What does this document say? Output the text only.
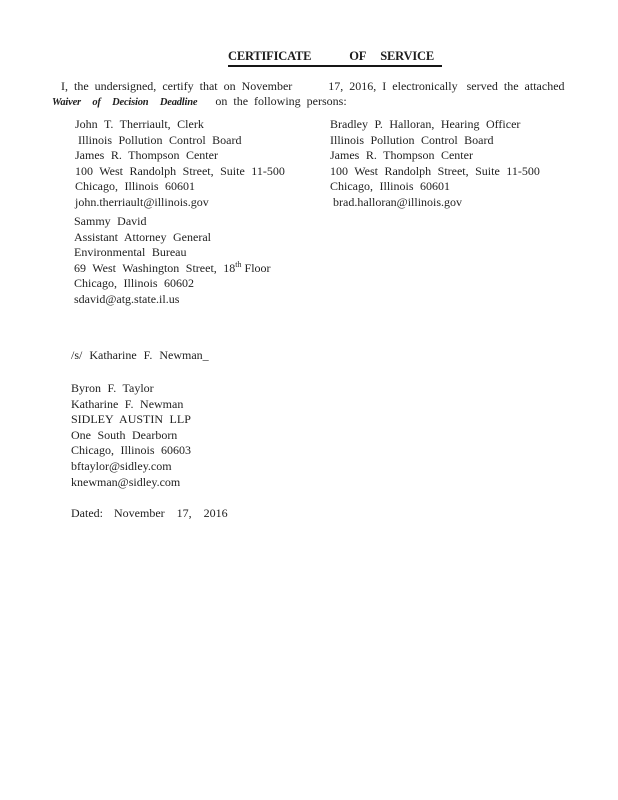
CERTIFICATE	OF SERVICE
I, the undersigned, certify that on November	17, 2016, I electronically served the attached
Waiver of Decision Deadline on the following persons:
John T. Therriault, Clerk
Illinois Pollution Control Board
James R. Thompson Center
100 West Randolph Street, Suite 11-500
Chicago, Illinois 60601
john.therriault@illinois.gov
Bradley P. Halloran, Hearing Officer
Illinois Pollution Control Board
James R. Thompson Center
100 West Randolph Street, Suite 11-500
Chicago, Illinois 60601
brad.halloran@illinois.gov
Sammy David
Assistant Attorney General
Environmental Bureau
69 West Washington Street, 18th Floor
Chicago, Illinois 60602
sdavid@atg.state.il.us
/s/ Katharine F. Newman_
Byron F. Taylor
Katharine F. Newman
SIDLEY AUSTIN LLP
One South Dearborn
Chicago, Illinois 60603
bftaylor@sidley.com
knewman@sidley.com
Dated: November 17, 2016
